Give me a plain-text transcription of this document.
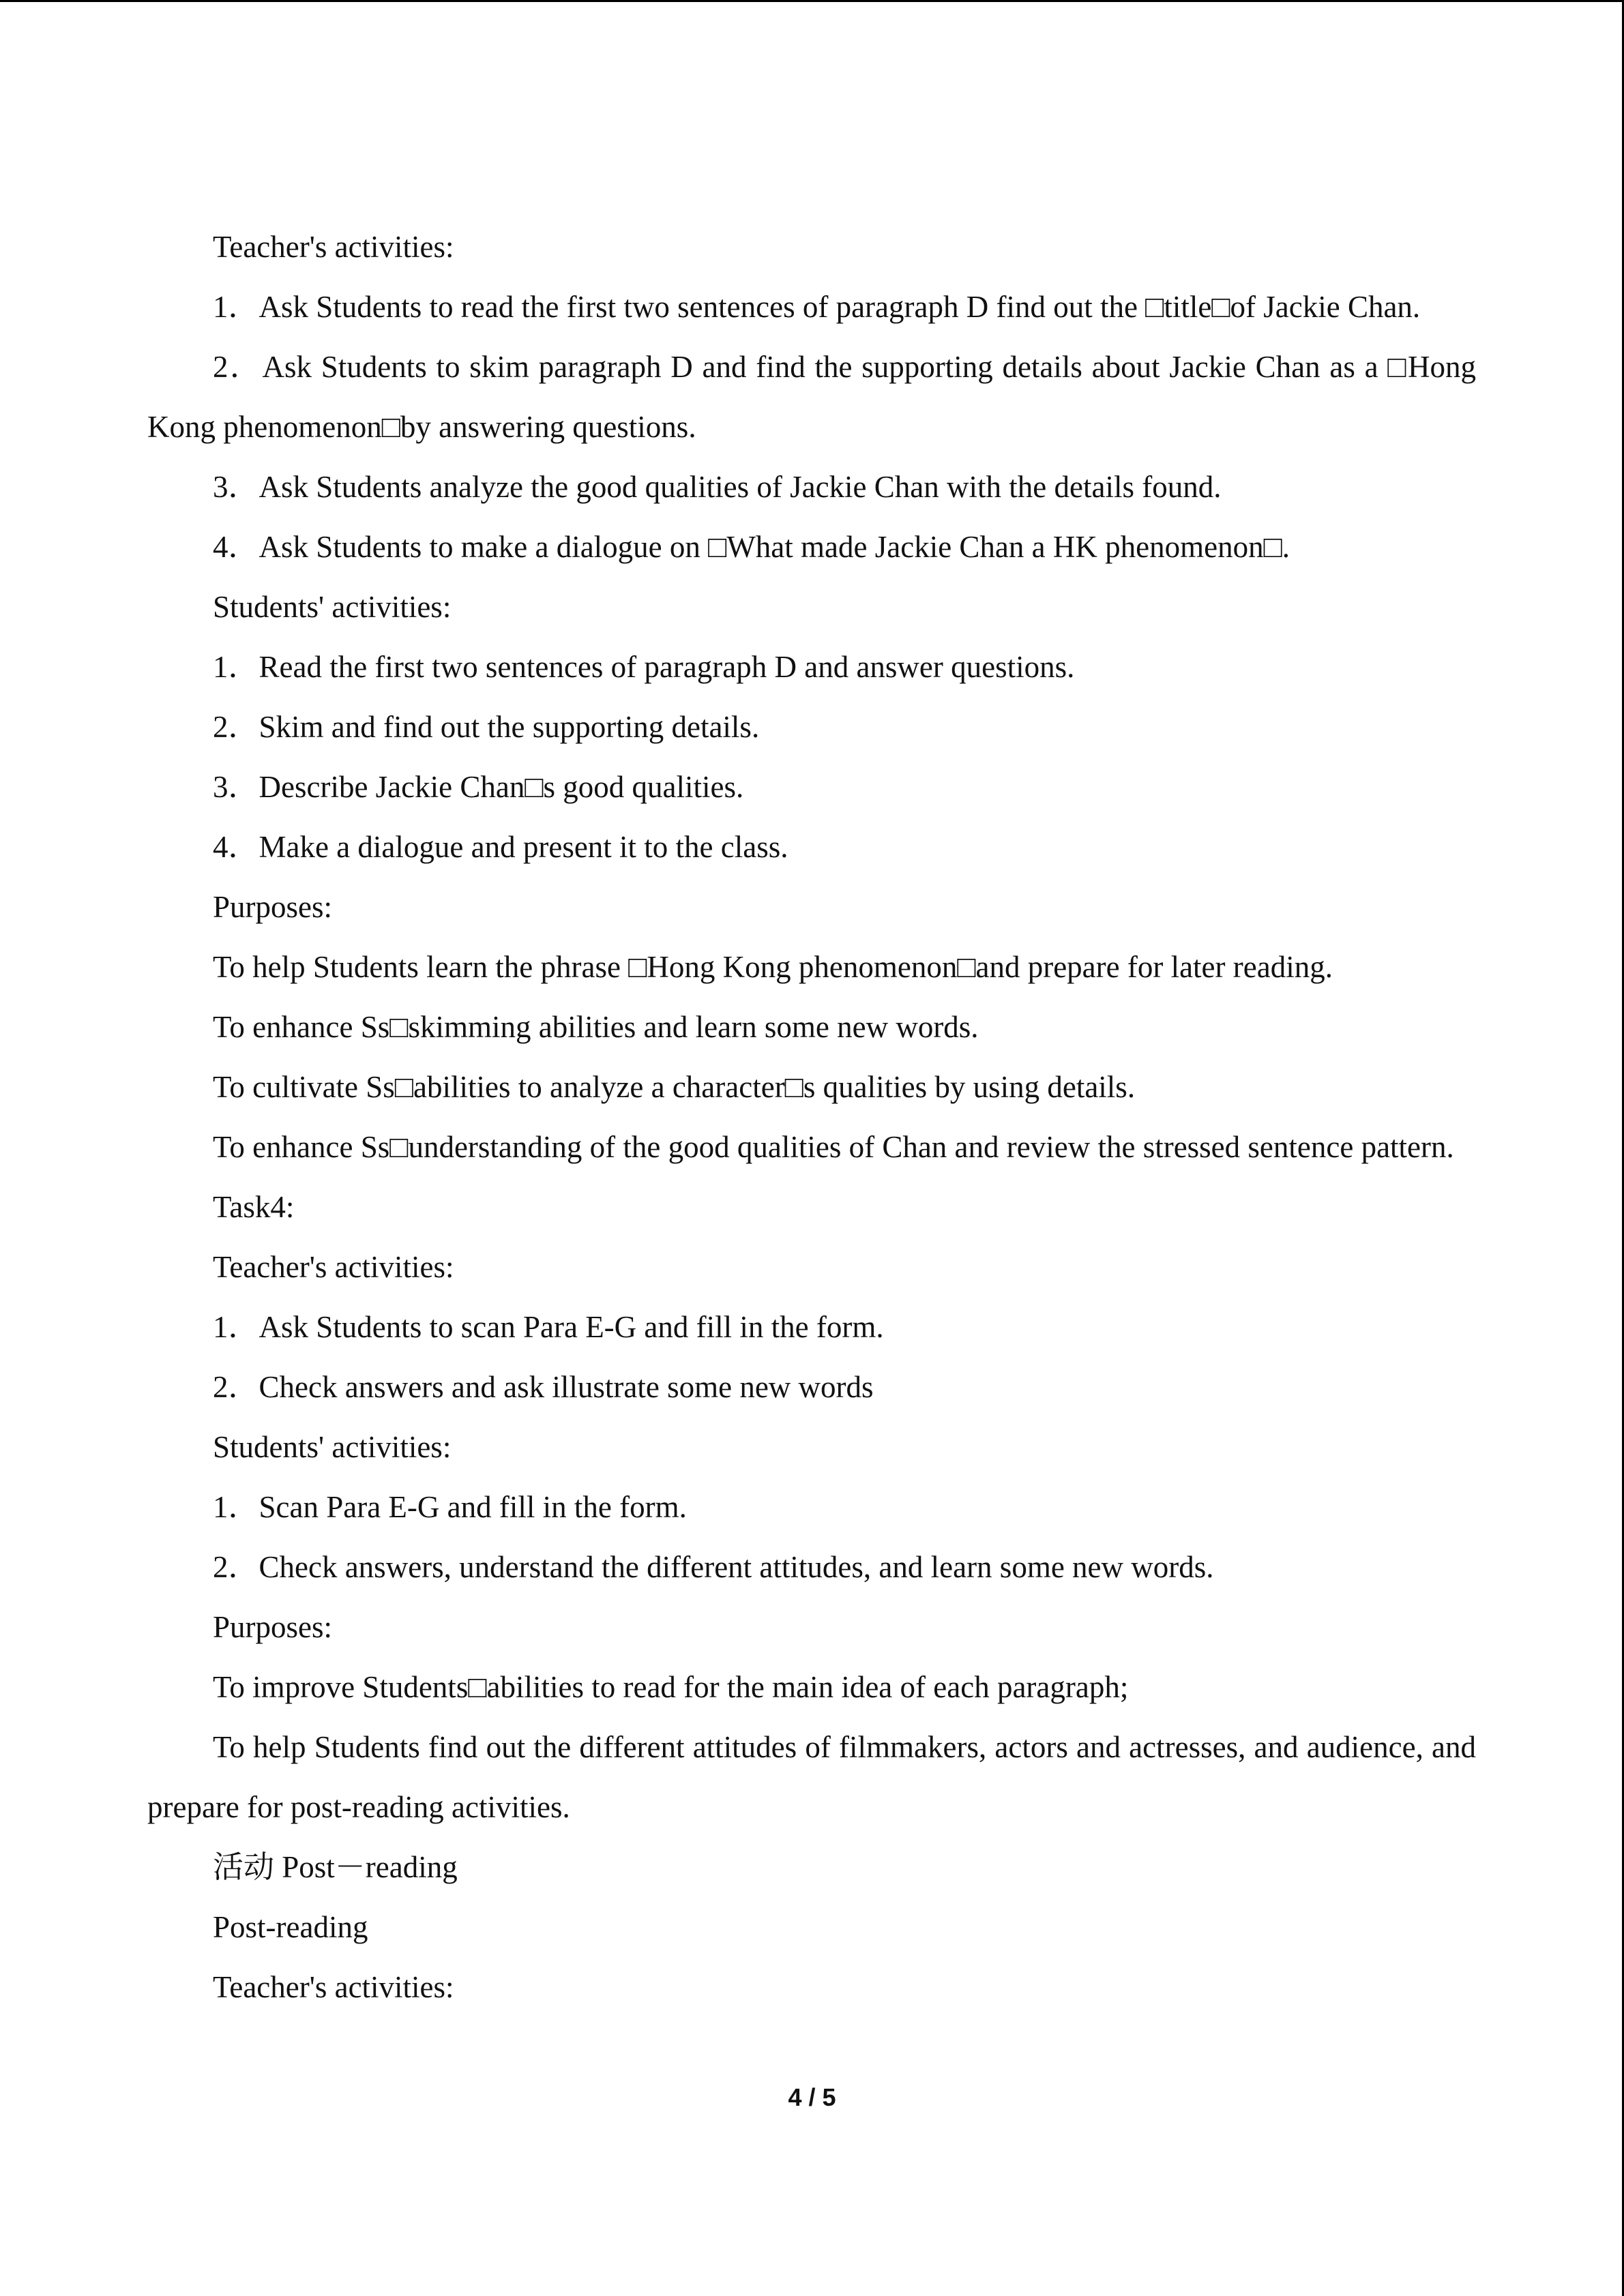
Teacher's activities:

1．Ask Students to read the first two sentences of paragraph D find out the □title□of Jackie Chan.

2．Ask Students to skim paragraph D and find the supporting details about Jackie Chan as a □Hong Kong phenomenon□by answering questions.

3．Ask Students analyze the good qualities of Jackie Chan with the details found.

4．Ask Students to make a dialogue on □What made Jackie Chan a HK phenomenon□.

Students' activities:

1．Read the first two sentences of paragraph D and answer questions.

2．Skim and find out the supporting details.

3．Describe Jackie Chan□s good qualities.

4．Make a dialogue and present it to the class.

Purposes:

To help Students learn the phrase □Hong Kong phenomenon□and prepare for later reading.

To enhance Ss□skimming abilities and learn some new words.

To cultivate Ss□abilities to analyze a character□s qualities by using details.

To enhance Ss□understanding of the good qualities of Chan and review the stressed sentence pattern.

Task4:

Teacher's activities:

1．Ask Students to scan Para E-G and fill in the form.

2．Check answers and ask illustrate some new words

Students' activities:

1．Scan Para E-G and fill in the form.

2．Check answers, understand the different attitudes, and learn some new words.

Purposes:

To improve Students□abilities to read for the main idea of each paragraph;

To help Students find out the different attitudes of filmmakers, actors and actresses, and audience, and prepare for post-reading activities.

活动 Post－reading

Post-reading

Teacher's activities:

4 / 5
